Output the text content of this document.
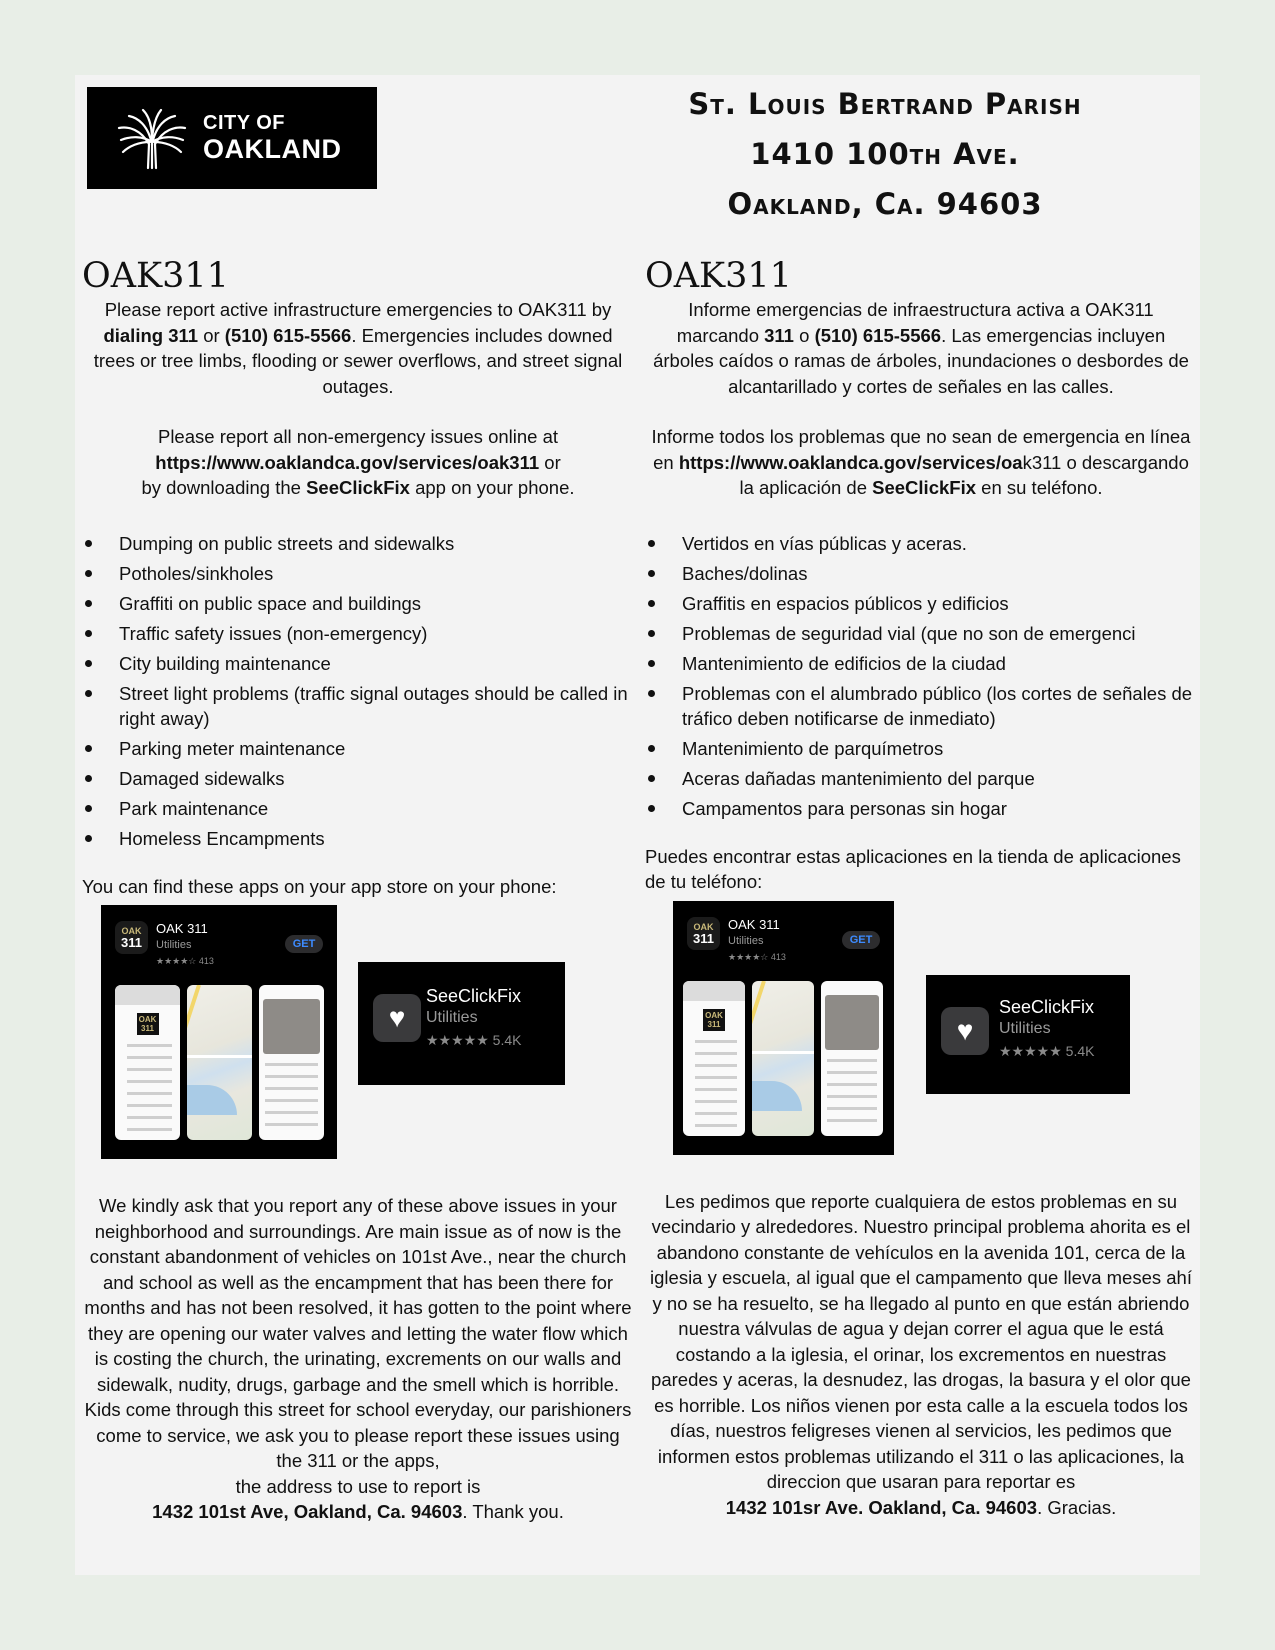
CITY OF
OAKLAND
St. Louis Bertrand Parish
1410 100th Ave.
Oakland, Ca. 94603
OAK311

Please report active infrastructure emergencies to OAK311 by dialing 311 or (510) 615-5566. Emergencies includes downed trees or tree limbs, flooding or sewer overflows, and street signal outages.

Please report all non-emergency issues online at
https://www.oaklandca.gov/services/oak311 or
by downloading the SeeClickFix app on your phone.

Dumping on public streets and sidewalks
Potholes/sinkholes
Graffiti on public space and buildings
Traffic safety issues (non-emergency)
City building maintenance
Street light problems (traffic signal outages should be called in right away)
Parking meter maintenance
Damaged sidewalks
Park maintenance
Homeless Encampments

You can find these apps on your app store on your phone:

OAK
311
OAK 311
Utilities
★★★★☆ 413
GET
OAK 311	♥
SeeClickFix
Utilities
★★★★★ 5.4K

We kindly ask that you report any of these above issues in your neighborhood and surroundings. Are main issue as of now is the constant abandonment of vehicles on 101st Ave., near the church and school as well as the encampment that has been there for months and has not been resolved, it has gotten to the point where they are opening our water valves and letting the water flow which is costing the church, the urinating, excrements on our walls and sidewalk, nudity, drugs, garbage and the smell which is horrible. Kids come through this street for school everyday, our parishioners come to service, we ask you to please report these issues using the 311 or the apps,
the address to use to report is
1432 101st Ave, Oakland, Ca. 94603. Thank you.

OAK311

Informe emergencias de infraestructura activa a OAK311 marcando 311 o (510) 615-5566. Las emergencias incluyen árboles caídos o ramas de árboles, inundaciones o desbordes de alcantarillado y cortes de señales en las calles.

Informe todos los problemas que no sean de emergencia en línea en https://www.oaklandca.gov/services/oak311 o descargando la aplicación de SeeClickFix en su teléfono.

Vertidos en vías públicas y aceras.
Baches/dolinas
Graffitis en espacios públicos y edificios
Problemas de seguridad vial (que no son de emergenci
Mantenimiento de edificios de la ciudad
Problemas con el alumbrado público (los cortes de señales de tráfico deben notificarse de inmediato)
Mantenimiento de parquímetros
Aceras dañadas mantenimiento del parque
Campamentos para personas sin hogar

Puedes encontrar estas aplicaciones en la tienda de aplicaciones de tu teléfono:

OAK
311
OAK 311
Utilities
★★★★☆ 413
GET
OAK 311	♥
SeeClickFix
Utilities
★★★★★ 5.4K

Les pedimos que reporte cualquiera de estos problemas en su vecindario y alrededores. Nuestro principal problema ahorita es el abandono constante de vehículos en la avenida 101, cerca de la iglesia y escuela, al igual que el campamento que lleva meses ahí y no se ha resuelto, se ha llegado al punto en que están abriendo nuestra válvulas de agua y dejan correr el agua que le está costando a la iglesia, el orinar, los excrementos en nuestras paredes y aceras, la desnudez, las drogas, la basura y el olor que es horrible. Los niños vienen por esta calle a la escuela todos los días, nuestros feligreses vienen al servicios, les pedimos que informen estos problemas utilizando el 311 o las aplicaciones, la direccion que usaran para reportar es
1432 101sr Ave. Oakland, Ca. 94603. Gracias.
